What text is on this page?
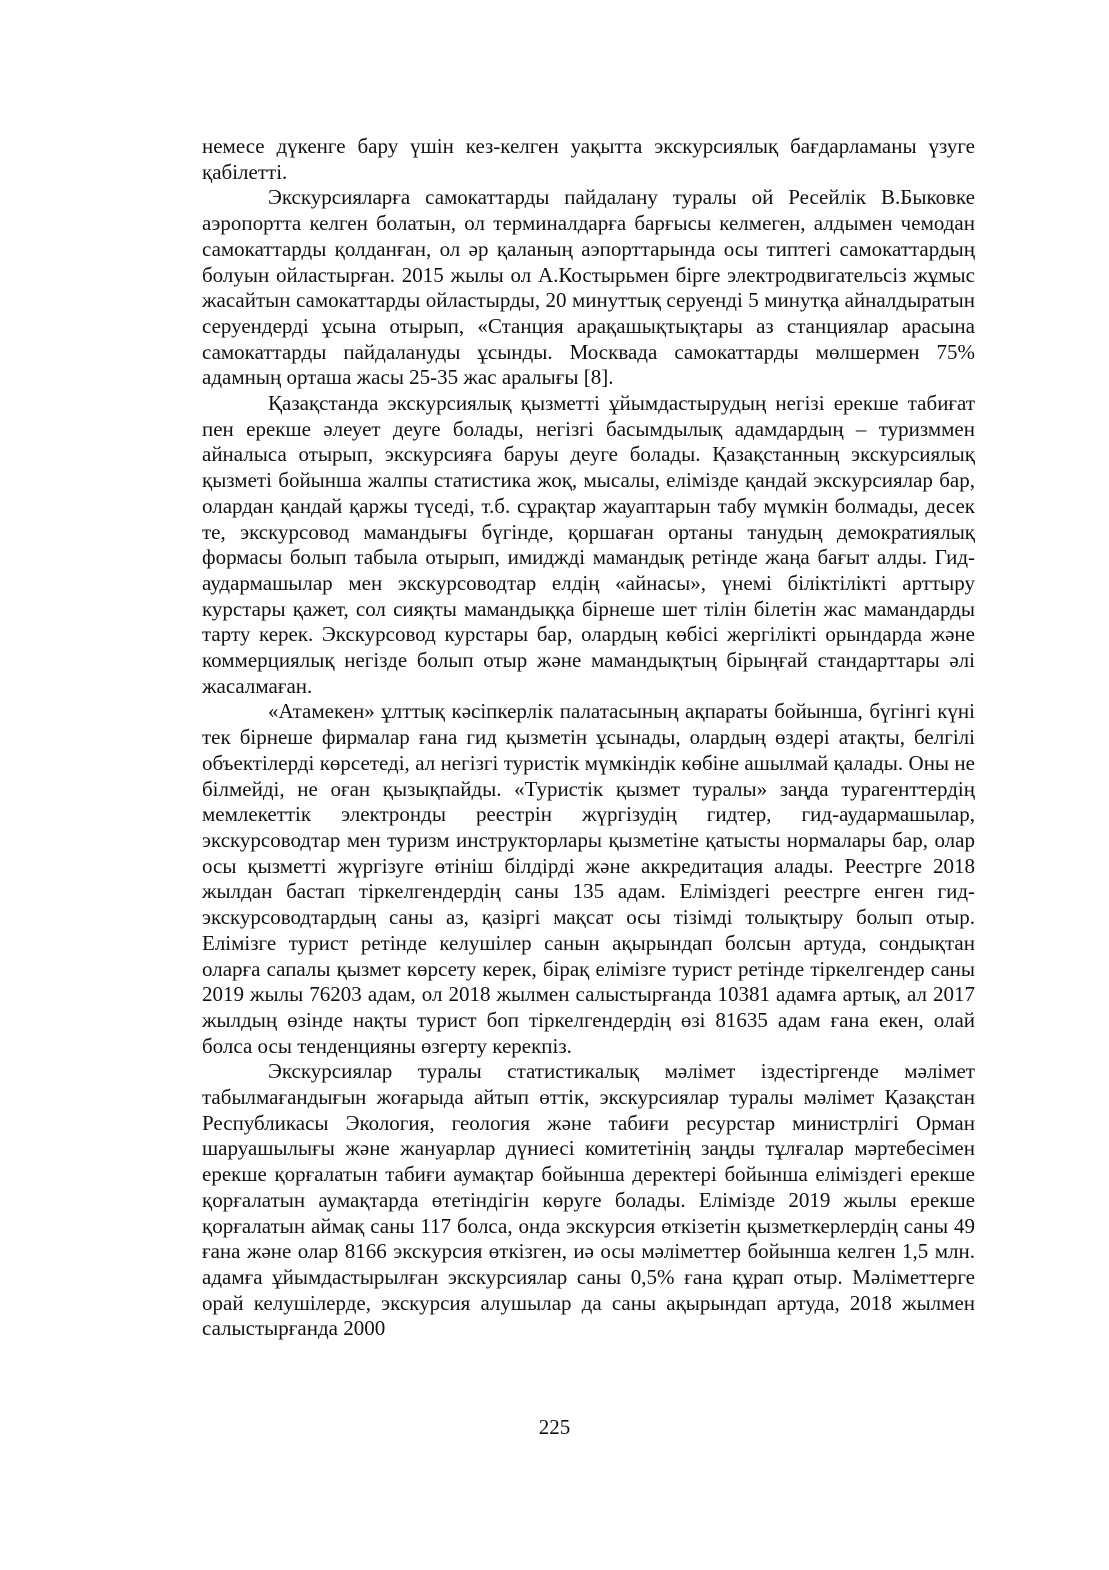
немесе дүкенге бару үшін кез-келген уақытта экскурсиялық бағдарламаны үзуге қабілетті.

Экскурсияларға самокаттарды пайдалану туралы ой Ресейлік В.Быковке аэропортта келген болатын, ол терминалдарға барғысы келмеген, алдымен чемодан самокаттарды қолданған, ол әр қаланың аэпорттарында осы типтегі самокаттардың болуын ойластырған. 2015 жылы ол А.Костырьмен бірге электродвигательсіз жұмыс жасайтын самокаттарды ойластырды, 20 минуттық серуенді 5 минутқа айналдыратын серуендерді ұсына отырып, «Станция арақашықтықтары аз станциялар арасына самокаттарды пайдалануды ұсынды. Москвада самокаттарды мөлшермен 75% адамның орташа жасы 25-35 жас аралығы [8].

Қазақстанда экскурсиялық қызметті ұйымдастырудың негізі ерекше табиғат пен ерекше әлеует деуге болады, негізгі басымдылық адамдардың – туризммен айналыса отырып, экскурсияға баруы деуге болады. Қазақстанның экскурсиялық қызметі бойынша жалпы статистика жоқ, мысалы, елімізде қандай экскурсиялар бар, олардан қандай қаржы түседі, т.б. сұрақтар жауаптарын табу мүмкін болмады, десек те, экскурсовод мамандығы бүгінде, қоршаған ортаны танудың демократиялық формасы болып табыла отырып, имиджді мамандық ретінде жаңа бағыт алды. Гид-аудармашылар мен экскурсоводтар елдің «айнасы», үнемі біліктілікті арттыру курстары қажет, сол сияқты мамандыққа бірнеше шет тілін білетін жас мамандарды тарту керек. Экскурсовод курстары бар, олардың көбісі жергілікті орындарда және коммерциялық негізде болып отыр және мамандықтың бірыңғай стандарттары әлі жасалмаған.

«Атамекен» ұлттық кәсіпкерлік палатасының ақпараты бойынша, бүгінгі күні тек бірнеше фирмалар ғана гид қызметін ұсынады, олардың өздері атақты, белгілі объектілерді көрсетеді, ал негізгі туристік мүмкіндік көбіне ашылмай қалады. Оны не білмейді, не оған қызықпайды. «Туристік қызмет туралы» заңда турагенттердің мемлекеттік электронды реестрін жүргізудің гидтер, гид-аудармашылар, экскурсоводтар мен туризм инструкторлары қызметіне қатысты нормалары бар, олар осы қызметті жүргізуге өтініш білдірді және аккредитация алады. Реестрге 2018 жылдан бастап тіркелгендердің саны 135 адам. Еліміздегі реестрге енген гид-экскурсоводтардың саны аз, қазіргі мақсат осы тізімді толықтыру болып отыр. Елімізге турист ретінде келушілер санын ақырындап болсын артуда, сондықтан оларға сапалы қызмет көрсету керек, бірақ елімізге турист ретінде тіркелгендер саны 2019 жылы 76203 адам, ол 2018 жылмен салыстырғанда 10381 адамға артық, ал 2017 жылдың өзінде нақты турист боп тіркелгендердің өзі 81635 адам ғана екен, олай болса осы тенденцияны өзгерту керекпіз.

Экскурсиялар туралы статистикалық мәлімет іздестіргенде мәлімет табылмағандығын жоғарыда айтып өттік, экскурсиялар туралы мәлімет Қазақстан Республикасы Экология, геология және табиғи ресурстар министрлігі Орман шаруашылығы және жануарлар дүниесі комитетінің заңды тұлғалар мәртебесімен ерекше қорғалатын табиғи аумақтар бойынша деректері бойынша еліміздегі ерекше қорғалатын аумақтарда өтетіндігін көруге болады. Елімізде 2019 жылы ерекше қорғалатын аймақ саны 117 болса, онда экскурсия өткізетін қызметкерлердің саны 49 ғана және олар 8166 экскурсия өткізген, иә осы мәліметтер бойынша келген 1,5 млн. адамға ұйымдастырылған экскурсиялар саны 0,5% ғана құрап отыр. Мәліметтерге орай келушілерде, экскурсия алушылар да саны ақырындап артуда, 2018 жылмен салыстырғанда 2000

225
